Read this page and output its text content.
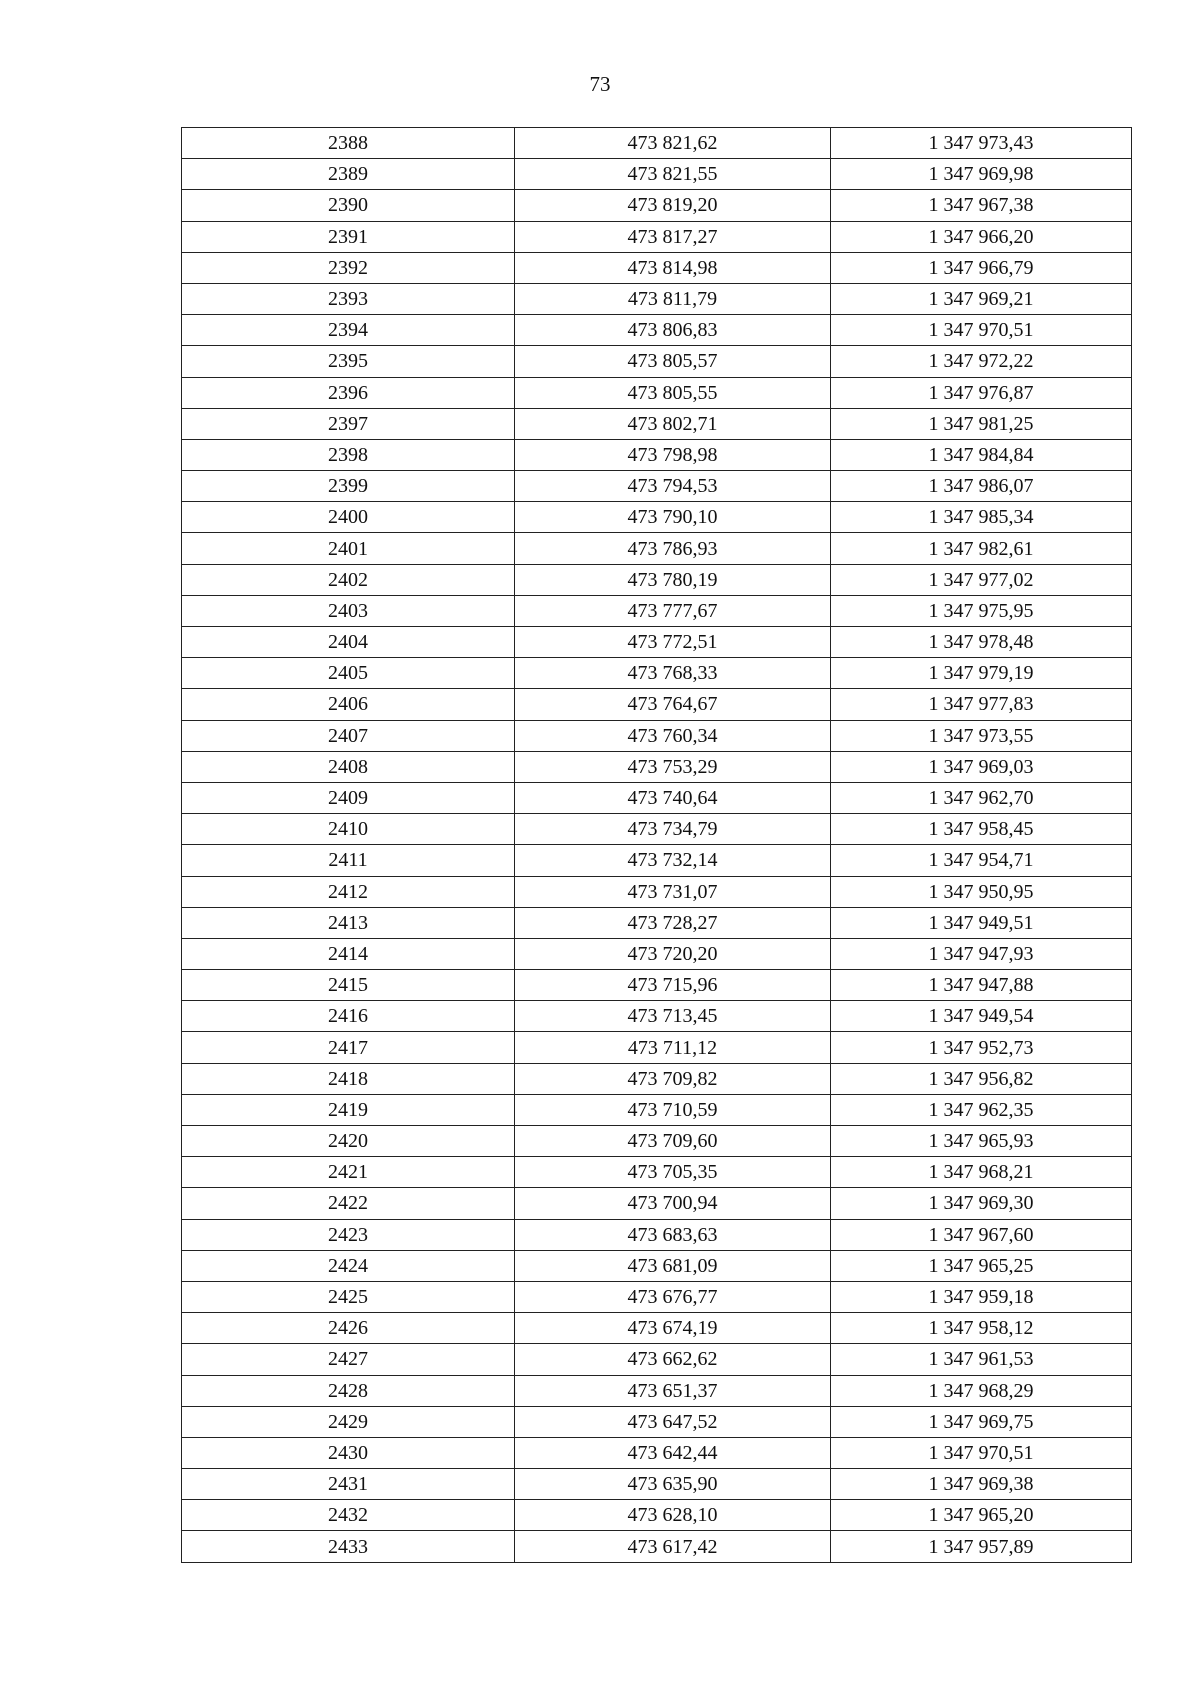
73
2388	473 821,62	1 347 973,43
2389	473 821,55	1 347 969,98
2390	473 819,20	1 347 967,38
2391	473 817,27	1 347 966,20
2392	473 814,98	1 347 966,79
2393	473 811,79	1 347 969,21
2394	473 806,83	1 347 970,51
2395	473 805,57	1 347 972,22
2396	473 805,55	1 347 976,87
2397	473 802,71	1 347 981,25
2398	473 798,98	1 347 984,84
2399	473 794,53	1 347 986,07
2400	473 790,10	1 347 985,34
2401	473 786,93	1 347 982,61
2402	473 780,19	1 347 977,02
2403	473 777,67	1 347 975,95
2404	473 772,51	1 347 978,48
2405	473 768,33	1 347 979,19
2406	473 764,67	1 347 977,83
2407	473 760,34	1 347 973,55
2408	473 753,29	1 347 969,03
2409	473 740,64	1 347 962,70
2410	473 734,79	1 347 958,45
2411	473 732,14	1 347 954,71
2412	473 731,07	1 347 950,95
2413	473 728,27	1 347 949,51
2414	473 720,20	1 347 947,93
2415	473 715,96	1 347 947,88
2416	473 713,45	1 347 949,54
2417	473 711,12	1 347 952,73
2418	473 709,82	1 347 956,82
2419	473 710,59	1 347 962,35
2420	473 709,60	1 347 965,93
2421	473 705,35	1 347 968,21
2422	473 700,94	1 347 969,30
2423	473 683,63	1 347 967,60
2424	473 681,09	1 347 965,25
2425	473 676,77	1 347 959,18
2426	473 674,19	1 347 958,12
2427	473 662,62	1 347 961,53
2428	473 651,37	1 347 968,29
2429	473 647,52	1 347 969,75
2430	473 642,44	1 347 970,51
2431	473 635,90	1 347 969,38
2432	473 628,10	1 347 965,20
2433	473 617,42	1 347 957,89
